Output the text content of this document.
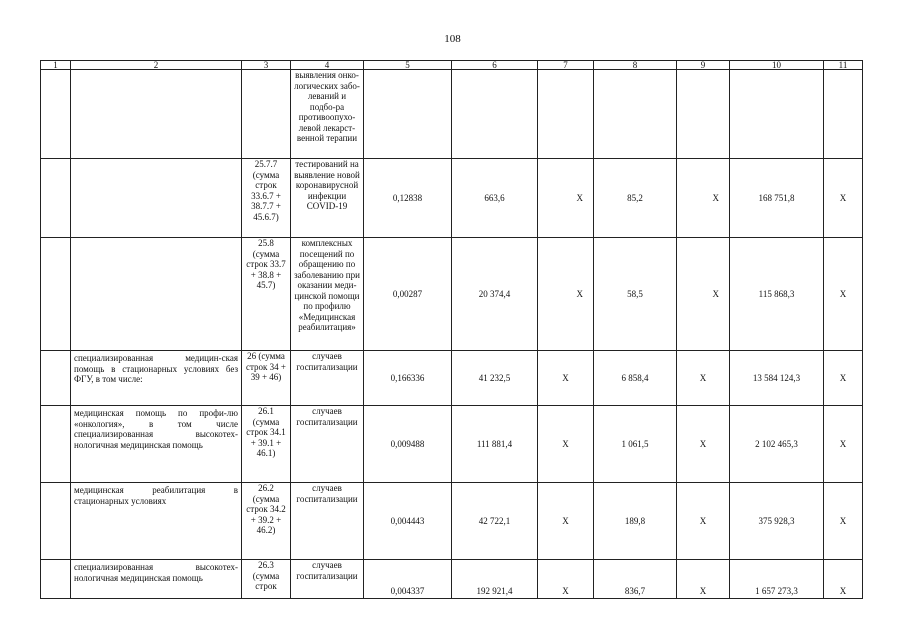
108
1	2	3	4	5	6	7	8	9	10	11
			выявления онко-логических забо-леваний и подбо-ра противоопухо-левой лекарст-венной терапии							
		25.7.7 (сумма строк 33.6.7 + 38.7.7 + 45.6.7)	тестирований на выявление новой коронавирусной инфекции COVID-19	0,12838	663,6	X	85,2	X	168 751,8	X
		25.8 (сумма строк 33.7 + 38.8 + 45.7)	комплексных посещений по обращению по заболеванию при оказании меди-цинской помощи по профилю «Медицинская реабилитация»	0,00287	20 374,4	X	58,5	X	115 868,3	X
	специализированная медицин-ская помощь в стационарных условиях без ФГУ, в том числе:	26 (сумма строк 34 + 39 + 46)	случаев госпитализации	0,166336	41 232,5	X	6 858,4	X	13 584 124,3	X
	медицинская помощь по профи-лю «онкология», в том числе специализированная высокотех-нологичная медицинская помощь	26.1 (сумма строк 34.1 + 39.1 + 46.1)	случаев госпитализации	0,009488	111 881,4	X	1 061,5	X	2 102 465,3	X
	медицинская реабилитация в стационарных условиях	26.2 (сумма строк 34.2 + 39.2 + 46.2)	случаев госпитализации	0,004443	42 722,1	X	189,8	X	375 928,3	X
	специализированная высокотех-нологичная медицинская помощь	26.3 (сумма строк	случаев госпитализации	0,004337	192 921,4	X	836,7	X	1 657 273,3	X
